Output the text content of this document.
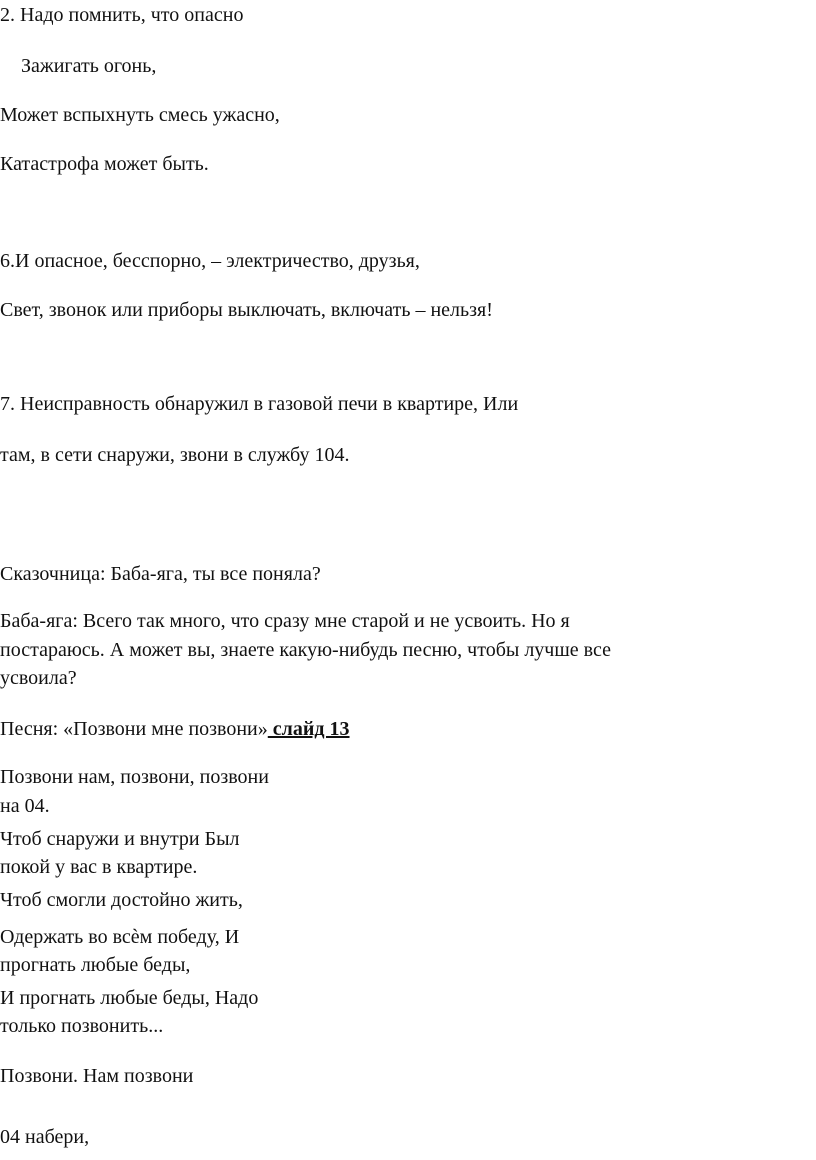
2. Надо помнить, что опасно
Зажигать огонь,
Может вспыхнуть смесь ужасно,
Катастрофа может быть.
6.И опасное, бесспорно, – электричество, друзья,
Свет, звонок или приборы выключать, включать – нельзя!
7. Неисправность обнаружил в газовой печи в квартире, Или
там, в сети снаружи, звони в службу 104.
Сказочница: Баба-яга, ты все поняла?
Баба-яга: Всего так много, что сразу мне старой и не усвоить. Но я
постараюсь. А может вы, знаете какую-нибудь песню, чтобы лучше все
усвоила?
Песня: «Позвони мне позвони» слайд 13
Позвони нам, позвони, позвони
на 04.
Чтоб снаружи и внутри Был
покой у вас в квартире.
Чтоб смогли достойно жить,
Одержать во всѐм победу, И
прогнать любые беды,
И прогнать любые беды, Надо
только позвонить...
Позвони. Нам позвони
04 набери,
